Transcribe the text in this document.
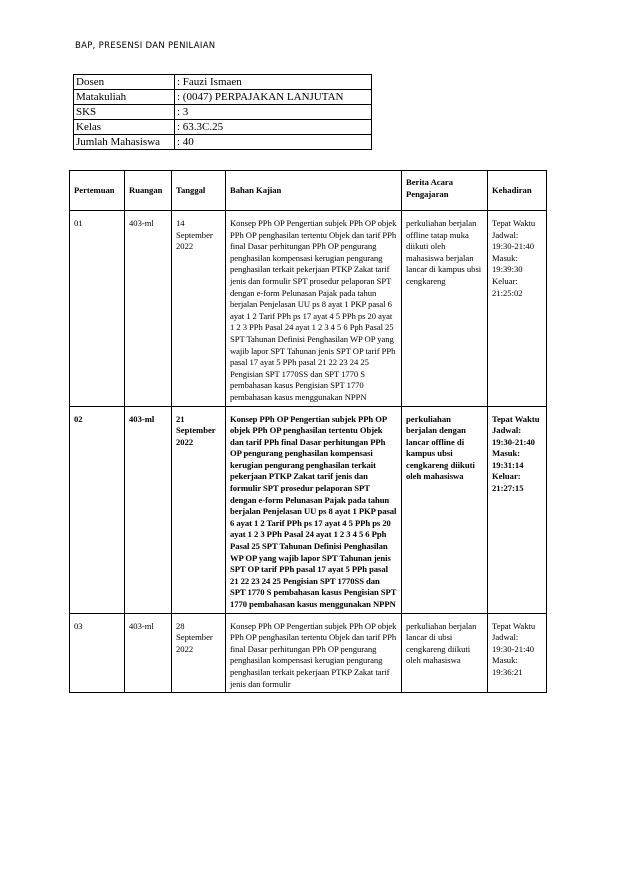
BAP, PRESENSI DAN PENILAIAN
Dosen	: Fauzi Ismaen
Matakuliah	: (0047) PERPAJAKAN LANJUTAN
SKS	: 3
Kelas	: 63.3C.25
Jumlah Mahasiswa	: 40
Pertemuan	Ruangan	Tanggal	Bahan Kajian	Berita Acara Pengajaran	Kehadiran
01	403-ml	14 September 2022	Konsep PPh OP Pengertian subjek PPh OP objek PPh OP penghasilan tertentu Objek dan tarif PPh final Dasar perhitungan PPh OP pengurang penghasilan kompensasi kerugian pengurang penghasilan terkait pekerjaan PTKP Zakat tarif jenis dan formulir SPT prosedur pelaporan SPT dengan e-form Pelunasan Pajak pada tahun berjalan Penjelasan UU ps 8 ayat 1 PKP pasal 6 ayat 1 2 Tarif PPh ps 17 ayat 4 5 PPh ps 20 ayat 1 2 3 PPh Pasal 24 ayat 1 2 3 4 5 6 Pph Pasal 25 SPT Tahunan Definisi Penghasilan WP OP yang wajib lapor SPT Tahunan jenis SPT OP tarif PPh pasal 17 ayat 5 PPh pasal 21 22 23 24 25 Pengisian SPT 1770SS dan SPT 1770 S pembahasan kasus Pengisian SPT 1770 pembahasan kasus menggunakan NPPN	perkuliahan berjalan offline tatap muka diikuti oleh mahasiswa berjalan lancar di kampus ubsi cengkareng	Tepat Waktu Jadwal: 19:30-21:40 Masuk: 19:39:30 Keluar: 21:25:02
02	403-ml	21 September 2022	Konsep PPh OP Pengertian subjek PPh OP objek PPh OP penghasilan tertentu Objek dan tarif PPh final Dasar perhitungan PPh OP pengurang penghasilan kompensasi kerugian pengurang penghasilan terkait pekerjaan PTKP Zakat tarif jenis dan formulir SPT prosedur pelaporan SPT dengan e-form Pelunasan Pajak pada tahun berjalan Penjelasan UU ps 8 ayat 1 PKP pasal 6 ayat 1 2 Tarif PPh ps 17 ayat 4 5 PPh ps 20 ayat 1 2 3 PPh Pasal 24 ayat 1 2 3 4 5 6 Pph Pasal 25 SPT Tahunan Definisi Penghasilan WP OP yang wajib lapor SPT Tahunan jenis SPT OP tarif PPh pasal 17 ayat 5 PPh pasal 21 22 23 24 25 Pengisian SPT 1770SS dan SPT 1770 S pembahasan kasus Pengisian SPT 1770 pembahasan kasus menggunakan NPPN	perkuliahan berjalan dengan lancar offline di kampus ubsi cengkareng diikuti oleh mahasiswa	Tepat Waktu Jadwal: 19:30-21:40 Masuk: 19:31:14 Keluar: 21:27:15
03	403-ml	28 September 2022	Konsep PPh OP Pengertian subjek PPh OP objek PPh OP penghasilan tertentu Objek dan tarif PPh final Dasar perhitungan PPh OP pengurang penghasilan kompensasi kerugian pengurang penghasilan terkait pekerjaan PTKP Zakat tarif jenis dan formulir	perkuliahan berjalan lancar di ubsi cengkareng diikuti oleh mahasiswa	Tepat Waktu Jadwal: 19:30-21:40 Masuk: 19:36:21
